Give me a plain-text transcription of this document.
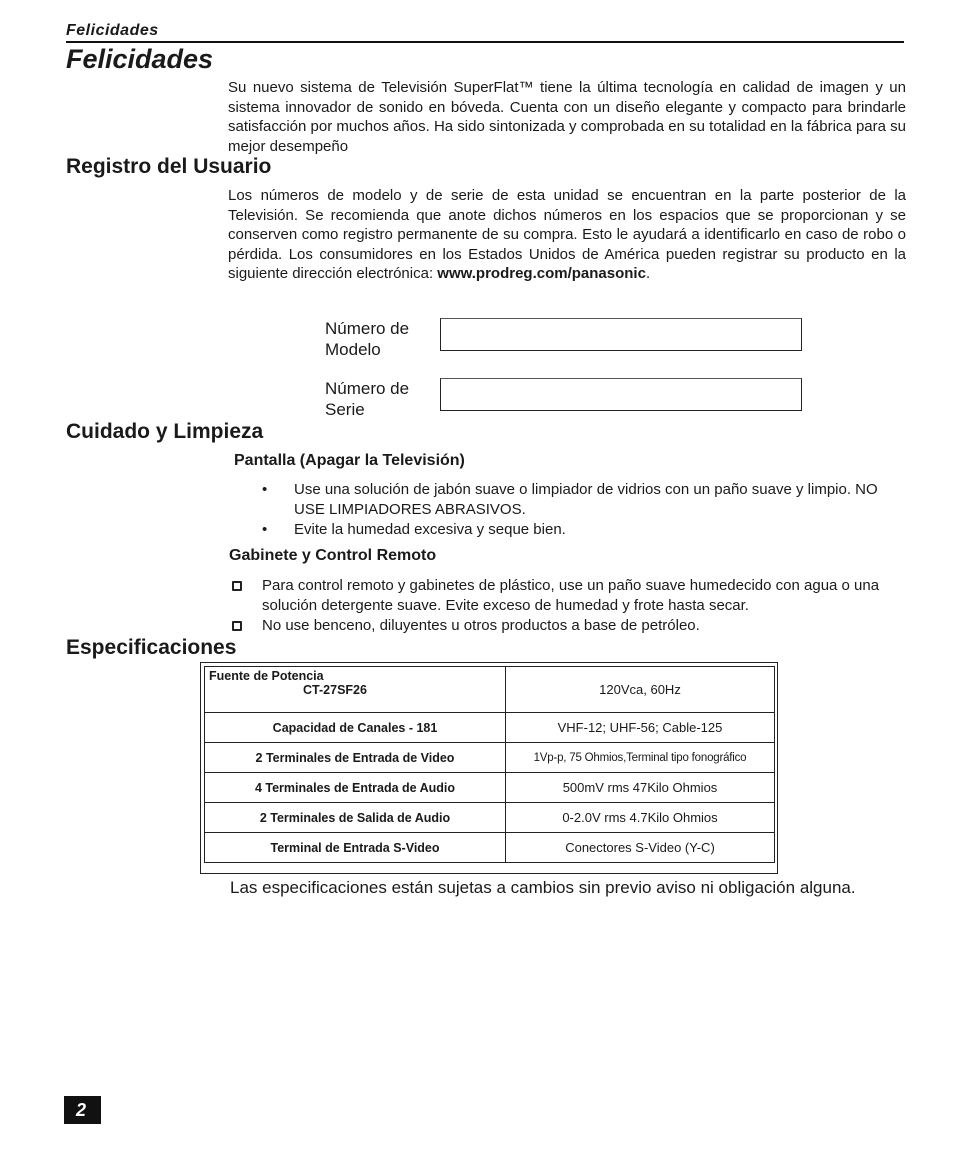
Felicidades
Felicidades

Su nuevo sistema de Televisión SuperFlat™ tiene la última tecnología en calidad de imagen y un sistema innovador de sonido en bóveda. Cuenta con un diseño elegante y compacto para brindarle satisfacción por muchos años. Ha sido sintonizada y comprobada en su totalidad en la fábrica para su mejor desempeño

Registro del Usuario

Los números de modelo y de serie de esta unidad se encuentran en la parte posterior de la Televisión. Se recomienda que anote dichos números en los espacios que se proporcionan y se conserven como registro permanente de su compra. Esto le ayudará a identificarlo en caso de robo o pérdida. Los consumidores en los Estados Unidos de América pueden registrar su producto en la siguiente dirección electrónica: www.prodreg.com/panasonic.

Número de Modelo
Número de Serie
Cuidado y Limpieza
Pantalla (Apagar la Televisión)
• Use una solución de jabón suave o limpiador de vidrios con un paño suave y limpio. NO USE LIMPIADORES ABRASIVOS.
• Evite la humedad excesiva y seque bien.
Gabinete y Control Remoto
Para control remoto y gabinetes de plástico, use un paño suave humedecido con agua o una solución detergente suave. Evite exceso de humedad y frote hasta secar.
No use benceno, diluyentes u otros productos a base de petróleo.
Especificaciones
Fuente de Potencia
CT-27SF26	120Vca, 60Hz
Capacidad de Canales - 181	VHF-12; UHF-56; Cable-125
2 Terminales de Entrada de Video	1Vp-p, 75 Ohmios,Terminal tipo fonográfico
4 Terminales de Entrada de Audio	500mV rms 47Kilo Ohmios
2 Terminales de Salida de Audio	0-2.0V rms 4.7Kilo Ohmios
Terminal de Entrada S-Video	Conectores S-Video (Y-C)

Las especificaciones están sujetas a cambios sin previo aviso ni obligación alguna.

2
